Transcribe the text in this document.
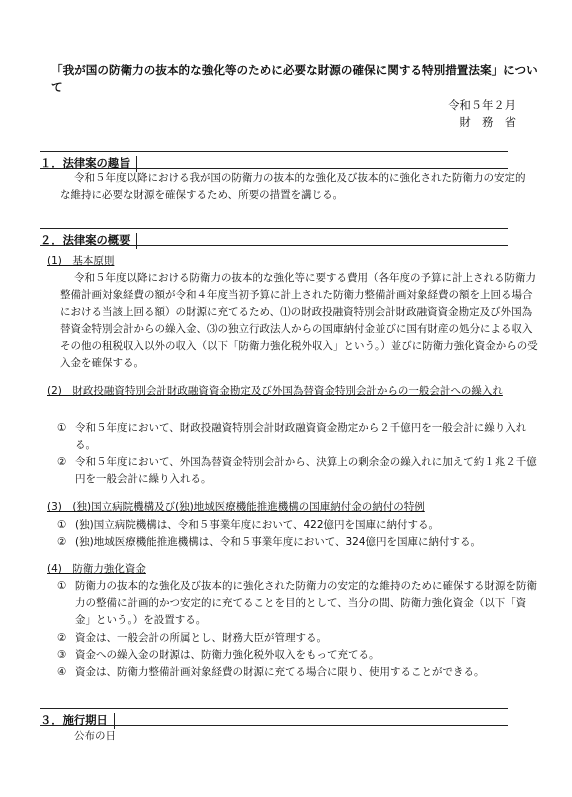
「我が国の防衛力の抜本的な強化等のために必要な財源の確保に関する特別措置法案」について
令和５年２月
財　務　省
１．法律案の趣旨
令和５年度以降における我が国の防衛力の抜本的な強化及び抜本的に強化された防衛力の安定的な維持に必要な財源を確保するため、所要の措置を講じる。
２．法律案の概要
(1)　基本原則
令和５年度以降における防衛力の抜本的な強化等に要する費用（各年度の予算に計上される防衛力整備計画対象経費の額が令和４年度当初予算に計上された防衛力整備計画対象経費の額を上回る場合における当該上回る額）の財源に充てるため、⑴の財政投融資特別会計財政融資資金勘定及び外国為替資金特別会計からの繰入金、⑶の独立行政法人からの国庫納付金並びに国有財産の処分による収入その他の租税収入以外の収入（以下「防衛力強化税外収入」という。）並びに防衛力強化資金からの受入金を確保する。
(2)　財政投融資特別会計財政融資資金勘定及び外国為替資金特別会計からの一般会計への繰入れ
① 令和５年度において、財政投融資特別会計財政融資資金勘定から２千億円を一般会計に繰り入れる。
② 令和５年度において、外国為替資金特別会計から、決算上の剰余金の繰入れに加えて約１兆２千億円を一般会計に繰り入れる。
(3)　(独)国立病院機構及び(独)地域医療機能推進機構の国庫納付金の納付の特例
① (独)国立病院機構は、令和５事業年度において、422億円を国庫に納付する。
② (独)地域医療機能推進機構は、令和５事業年度において、324億円を国庫に納付する。
(4)　防衛力強化資金
① 防衛力の抜本的な強化及び抜本的に強化された防衛力の安定的な維持のために確保する財源を防衛力の整備に計画的かつ安定的に充てることを目的として、当分の間、防衛力強化資金（以下「資金」という。）を設置する。
② 資金は、一般会計の所属とし、財務大臣が管理する。
③ 資金への繰入金の財源は、防衛力強化税外収入をもって充てる。
④ 資金は、防衛力整備計画対象経費の財源に充てる場合に限り、使用することができる。
３．施行期日
公布の日
